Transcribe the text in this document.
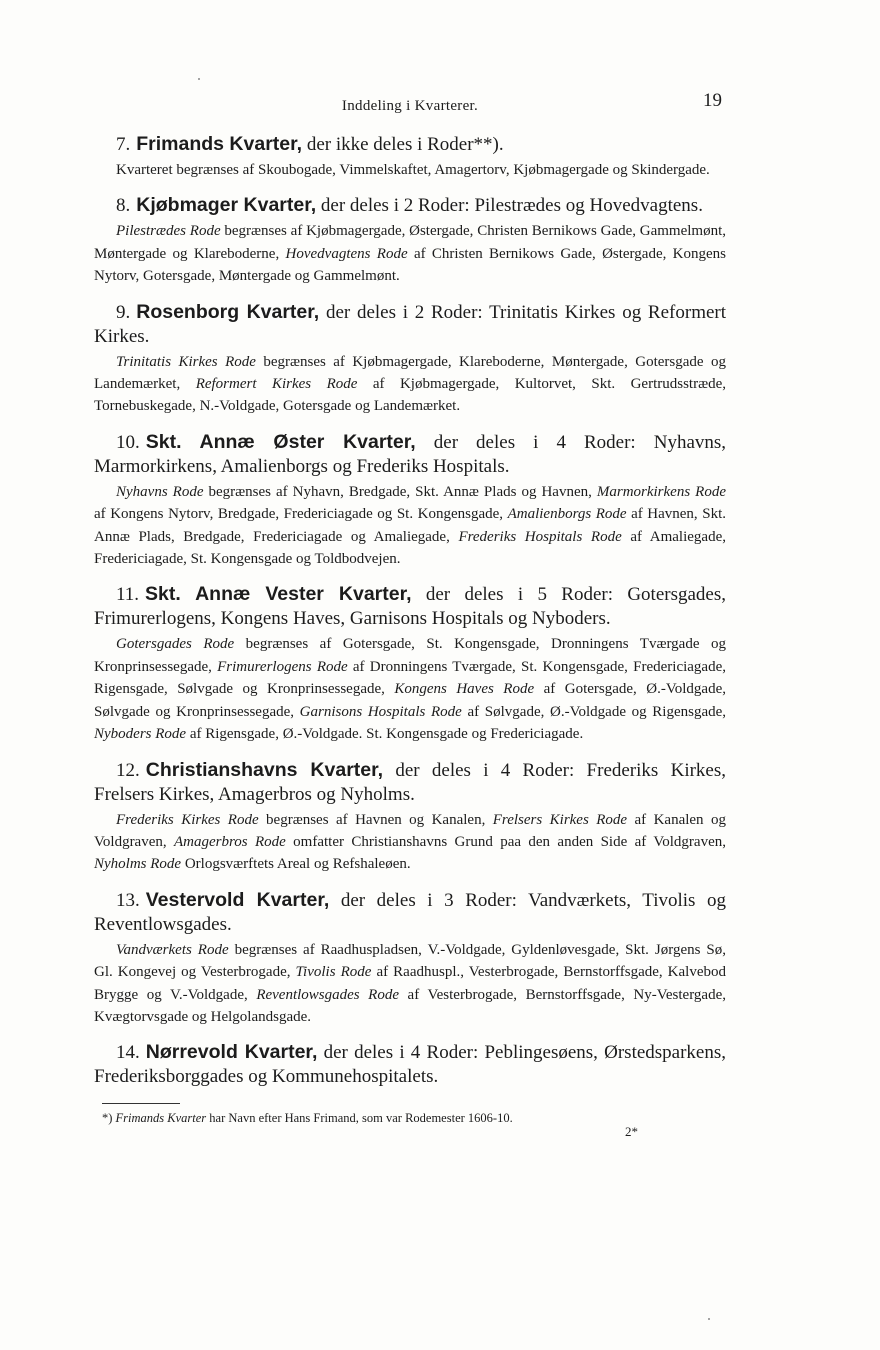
Inddeling i Kvarterer.	19

7. Frimands Kvarter, der ikke deles i Roder**).

Kvarteret begrænses af Skoubogade, Vimmelskaftet, Amagertorv, Kjøbmagergade og Skindergade.

8. Kjøbmager Kvarter, der deles i 2 Roder: Pilestrædes og Hovedvagtens.

Pilestrædes Rode begrænses af Kjøbmagergade, Østergade, Christen Bernikows Gade, Gammelmønt, Møntergade og Klareboderne, Hovedvagtens Rode af Christen Bernikows Gade, Østergade, Kongens Nytorv, Gotersgade, Møntergade og Gammelmønt.

9. Rosenborg Kvarter, der deles i 2 Roder: Trinitatis Kirkes og Reformert Kirkes.

Trinitatis Kirkes Rode begrænses af Kjøbmagergade, Klareboderne, Møntergade, Gotersgade og Landemærket, Reformert Kirkes Rode af Kjøbmagergade, Kultorvet, Skt. Gertrudsstræde, Tornebuskegade, N.-Voldgade, Gotersgade og Landemærket.

10. Skt. Annæ Øster Kvarter, der deles i 4 Roder: Nyhavns, Marmorkirkens, Amalienborgs og Frederiks Hospitals.

Nyhavns Rode begrænses af Nyhavn, Bredgade, Skt. Annæ Plads og Havnen, Marmorkirkens Rode af Kongens Nytorv, Bredgade, Fredericiagade og St. Kongensgade, Amalienborgs Rode af Havnen, Skt. Annæ Plads, Bredgade, Fredericiagade og Amaliegade, Frederiks Hospitals Rode af Amaliegade, Fredericiagade, St. Kongensgade og Toldbodvejen.

11. Skt. Annæ Vester Kvarter, der deles i 5 Roder: Gotersgades, Frimurerlogens, Kongens Haves, Garnisons Hospitals og Nyboders.

Gotersgades Rode begrænses af Gotersgade, St. Kongensgade, Dronningens Tværgade og Kronprinsessegade, Frimurerlogens Rode af Dronningens Tværgade, St. Kongensgade, Fredericiagade, Rigensgade, Sølvgade og Kronprinsessegade, Kongens Haves Rode af Gotersgade, Ø.-Voldgade, Sølvgade og Kronprinsessegade, Garnisons Hospitals Rode af Sølvgade, Ø.-Voldgade og Rigensgade, Nyboders Rode af Rigensgade, Ø.-Voldgade. St. Kongensgade og Fredericiagade.

12. Christianshavns Kvarter, der deles i 4 Roder: Frederiks Kirkes, Frelsers Kirkes, Amagerbros og Nyholms.

Frederiks Kirkes Rode begrænses af Havnen og Kanalen, Frelsers Kirkes Rode af Kanalen og Voldgraven, Amagerbros Rode omfatter Christianshavns Grund paa den anden Side af Voldgraven, Nyholms Rode Orlogsværftets Areal og Refshaleøen.

13. Vestervold Kvarter, der deles i 3 Roder: Vandværkets, Tivolis og Reventlowsgades.

Vandværkets Rode begrænses af Raadhuspladsen, V.-Voldgade, Gyldenløvesgade, Skt. Jørgens Sø, Gl. Kongevej og Vesterbrogade, Tivolis Rode af Raadhuspl., Vesterbrogade, Bernstorffsgade, Kalvebod Brygge og V.-Voldgade, Reventlowsgades Rode af Vesterbrogade, Bernstorffsgade, Ny-Vestergade, Kvægtorvsgade og Helgolandsgade.

14. Nørrevold Kvarter, der deles i 4 Roder: Peblingesøens, Ørstedsparkens, Frederiksborggades og Kommunehospitalets.

*) Frimands Kvarter har Navn efter Hans Frimand, som var Rodemester 1606-10.
2*
